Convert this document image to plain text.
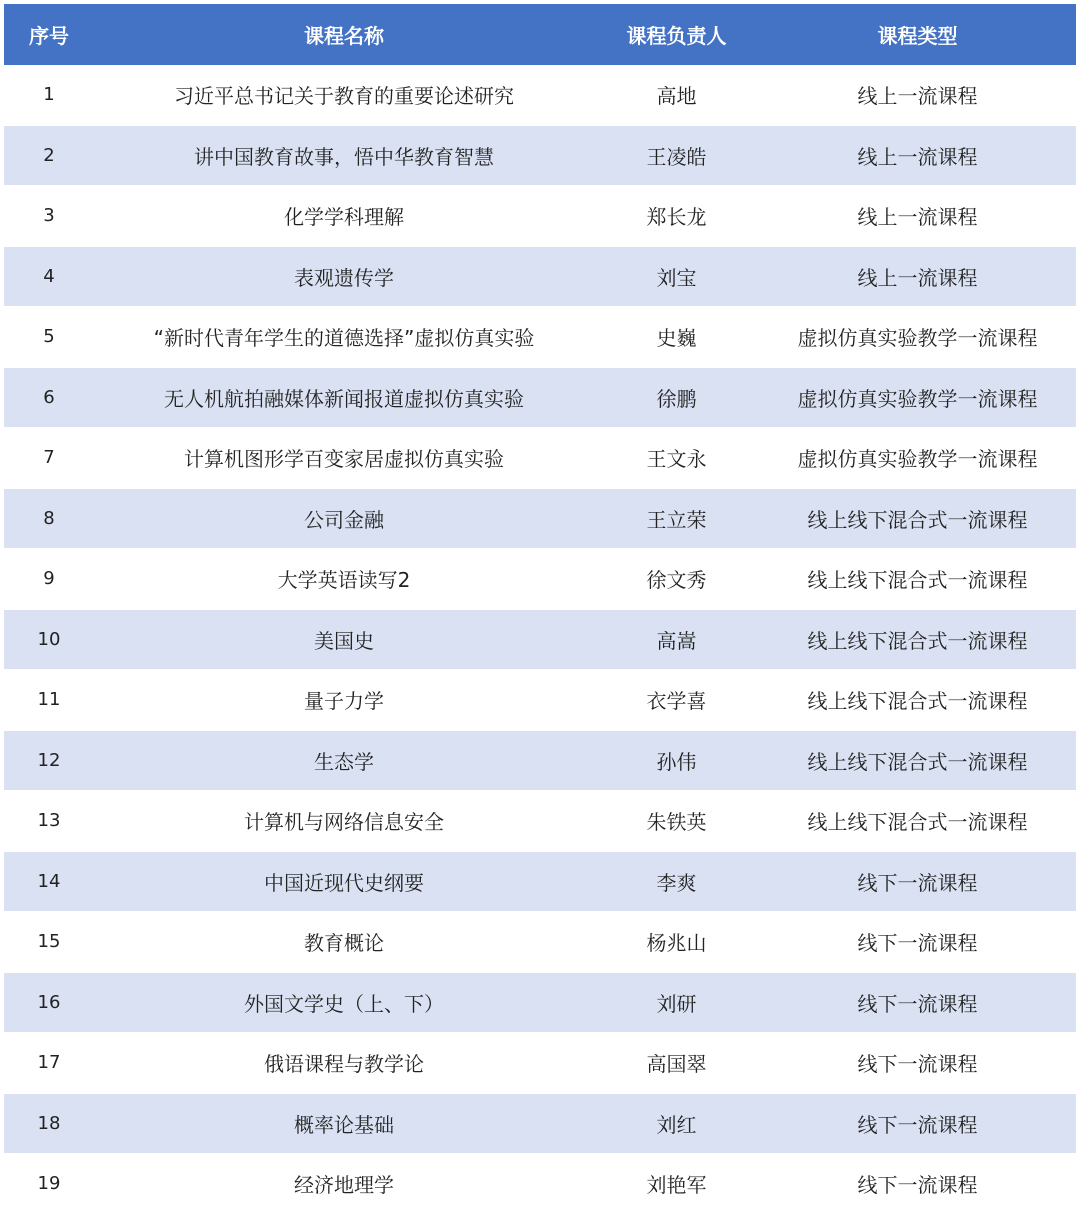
序号	课程名称	课程负责人	课程类型
1	习近平总书记关于教育的重要论述研究	高地	线上一流课程
2	讲中国教育故事，悟中华教育智慧	王凌皓	线上一流课程
3	化学学科理解	郑长龙	线上一流课程
4	表观遗传学	刘宝	线上一流课程
5	“新时代青年学生的道德选择”虚拟仿真实验	史巍	虚拟仿真实验教学一流课程
6	无人机航拍融媒体新闻报道虚拟仿真实验	徐鹏	虚拟仿真实验教学一流课程
7	计算机图形学百变家居虚拟仿真实验	王文永	虚拟仿真实验教学一流课程
8	公司金融	王立荣	线上线下混合式一流课程
9	大学英语读写2	徐文秀	线上线下混合式一流课程
10	美国史	高嵩	线上线下混合式一流课程
11	量子力学	衣学喜	线上线下混合式一流课程
12	生态学	孙伟	线上线下混合式一流课程
13	计算机与网络信息安全	朱铁英	线上线下混合式一流课程
14	中国近现代史纲要	李爽	线下一流课程
15	教育概论	杨兆山	线下一流课程
16	外国文学史（上、下）	刘研	线下一流课程
17	俄语课程与教学论	高国翠	线下一流课程
18	概率论基础	刘红	线下一流课程
19	经济地理学	刘艳军	线下一流课程
